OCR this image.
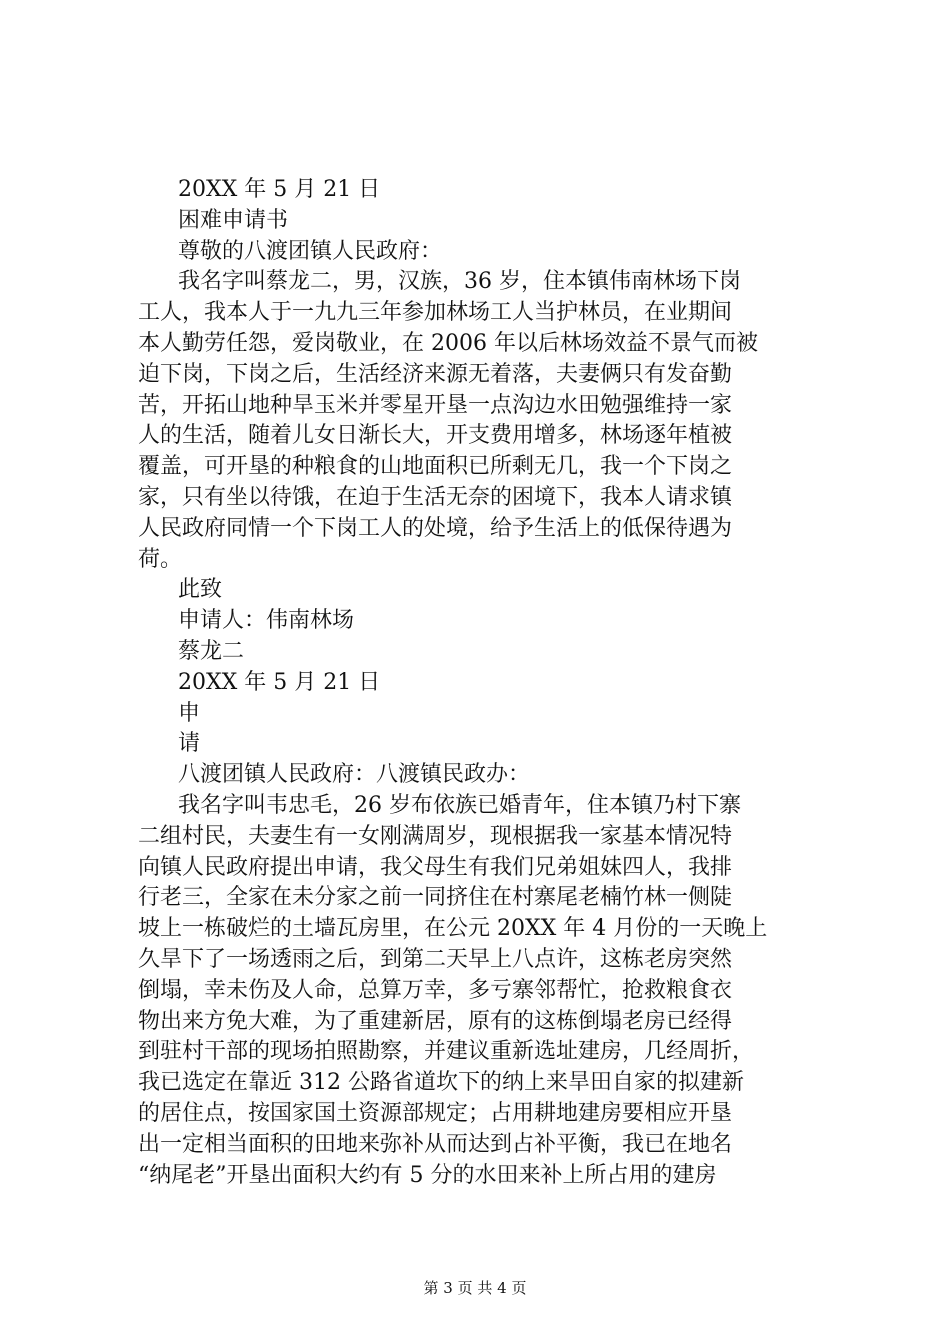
20XX 年 5 月 21 日
困难申请书
尊敬的八渡团镇人民政府：
我名字叫蔡龙二，男，汉族，36 岁，住本镇伟南林场下岗
工人，我本人于一九九三年参加林场工人当护林员，在业期间
本人勤劳任怨，爱岗敬业，在 2006 年以后林场效益不景气而被
迫下岗，下岗之后，生活经济来源无着落，夫妻俩只有发奋勤
苦，开拓山地种旱玉米并零星开垦一点沟边水田勉强维持一家
人的生活，随着儿女日渐长大，开支费用增多，林场逐年植被
覆盖，可开垦的种粮食的山地面积已所剩无几，我一个下岗之
家，只有坐以待饿，在迫于生活无奈的困境下，我本人请求镇
人民政府同情一个下岗工人的处境，给予生活上的低保待遇为
荷。
此致
申请人：伟南林场
蔡龙二
20XX 年 5 月 21 日
申
请
八渡团镇人民政府：八渡镇民政办：
我名字叫韦忠毛，26 岁布依族已婚青年，住本镇乃村下寨
二组村民，夫妻生有一女刚满周岁，现根据我一家基本情况特
向镇人民政府提出申请，我父母生有我们兄弟姐妹四人，我排
行老三，全家在未分家之前一同挤住在村寨尾老楠竹林一侧陡
坡上一栋破烂的土墙瓦房里，在公元 20XX 年 4 月份的一天晚上
久旱下了一场透雨之后，到第二天早上八点许，这栋老房突然
倒塌，幸未伤及人命，总算万幸，多亏寨邻帮忙，抢救粮食衣
物出来方免大难，为了重建新居，原有的这栋倒塌老房已经得
到驻村干部的现场拍照勘察，并建议重新选址建房，几经周折，
我已选定在靠近 312 公路省道坎下的纳上来旱田自家的拟建新
的居住点，按国家国土资源部规定；占用耕地建房要相应开垦
出一定相当面积的田地来弥补从而达到占补平衡，我已在地名
“纳尾老”开垦出面积大约有 5 分的水田来补上所占用的建房
第 3 页 共 4 页
